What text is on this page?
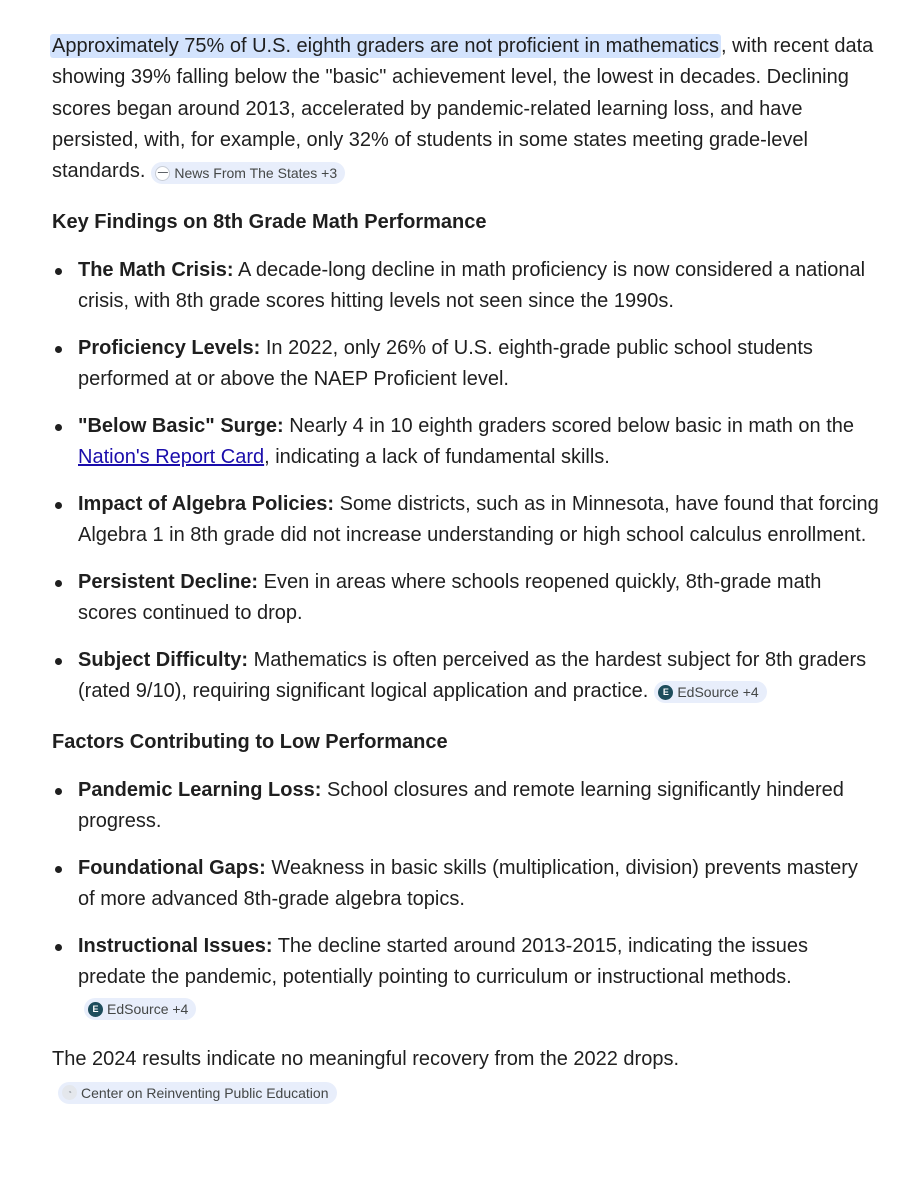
Approximately 75% of U.S. eighth graders are not proficient in mathematics , with recent data showing 39% falling below the "basic" achievement level, the lowest in decades. Declining scores began around 2013, accelerated by pandemic-related learning loss, and have persisted, with, for example, only 32% of students in some states meeting grade-level standards. — News From The States +3

Key Findings on 8th Grade Math Performance
The Math Crisis: A decade-long decline in math proficiency is now considered a national crisis, with 8th grade scores hitting levels not seen since the 1990s.
Proficiency Levels: In 2022, only 26% of U.S. eighth-grade public school students performed at or above the NAEP Proficient level.
"Below Basic" Surge: Nearly 4 in 10 eighth graders scored below basic in math on the Nation's Report Card, indicating a lack of fundamental skills.
Impact of Algebra Policies: Some districts, such as in Minnesota, have found that forcing Algebra 1 in 8th grade did not increase understanding or high school calculus enrollment.
Persistent Decline: Even in areas where schools reopened quickly, 8th-grade math scores continued to drop.
Subject Difficulty: Mathematics is often perceived as the hardest subject for 8th graders (rated 9/10), requiring significant logical application and practice.	E EdSource +4
Factors Contributing to Low Performance
Pandemic Learning Loss: School closures and remote learning significantly hindered progress.
Foundational Gaps: Weakness in basic skills (multiplication, division) prevents mastery of more advanced 8th-grade algebra topics.
Instructional Issues: The decline started around 2013-2015, indicating the issues predate the pandemic, potentially pointing to curriculum or instructional methods.
E EdSource +4

The 2024 results indicate no meaningful recovery from the 2022 drops.
◔ Center on Reinventing Public Education
